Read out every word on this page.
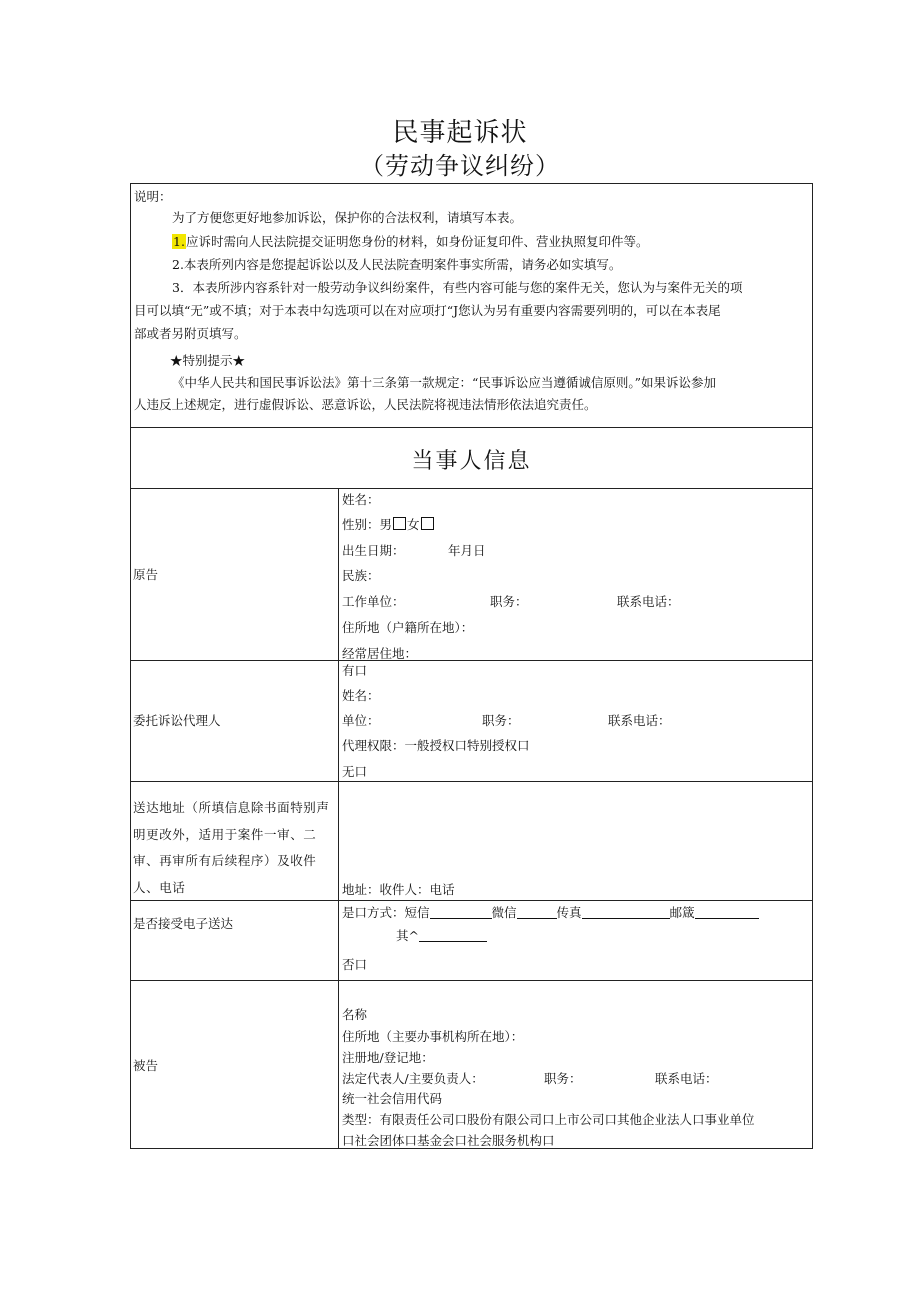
民事起诉状
（劳动争议纠纷）
说明：
为了方便您更好地参加诉讼，保护你的合法权利，请填写本表。
1.应诉时需向人民法院提交证明您身份的材料，如身份证复印件、营业执照复印件等。
2.本表所列内容是您提起诉讼以及人民法院查明案件事实所需，请务必如实填写。
3．本表所涉内容系针对一般劳动争议纠纷案件，有些内容可能与您的案件无关，您认为与案件无关的项
目可以填“无”或不填；对于本表中勾选项可以在对应项打“J您认为另有重要内容需要列明的，可以在本表尾
部或者另附页填写。
★特别提示★
《中华人民共和国民事诉讼法》第十三条第一款规定：“民事诉讼应当遵循诚信原则。”如果诉讼参加
人违反上述规定，进行虚假诉讼、恶意诉讼，人民法院将视违法情形依法追究责任。
当事人信息
原告
姓名：
性别：男 女
出生日期：	年月日
民族：
工作单位：	职务：	联系电话：
住所地（户籍所在地）：
经常居住地：
委托诉讼代理人
有口
姓名：
单位：	职务：	联系电话：
代理权限：一般授权口特别授权口
无口
送达地址（所填信息除书面特别声明更改外，适用于案件一审、二审、再审所有后续程序）及收件人、电话	地址：收件人：电话
是否接受电子送达
是口方式：短信	微信	传真	邮箴
其^
否口
被告
名称
住所地（主要办事机构所在地）：
注册地/登记地：
法定代表人/主要负责人：	职务：	联系电话：
统一社会信用代码
类型：有限责任公司口股份有限公司口上市公司口其他企业法人口事业单位
口社会团体口基金会口社会服务机构口
